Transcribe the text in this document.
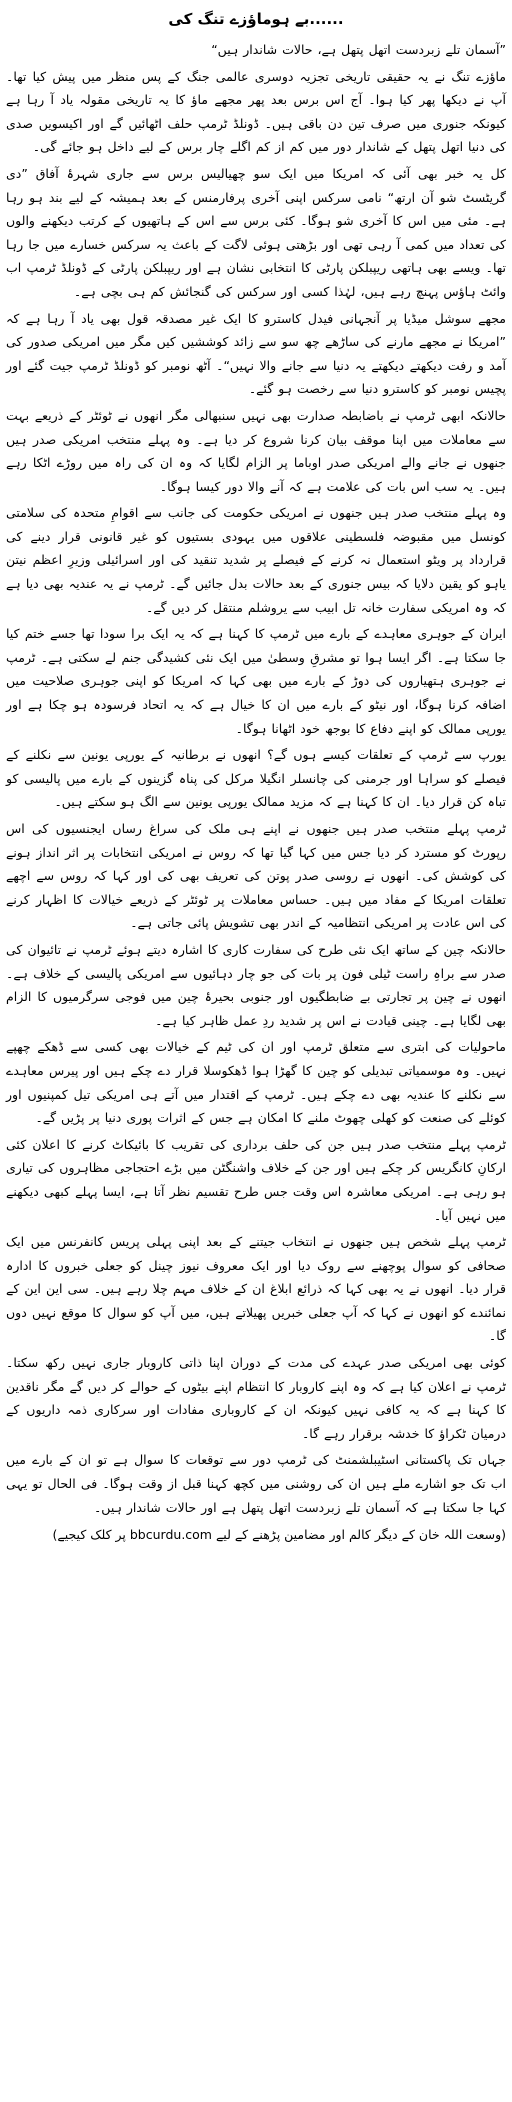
بے ہوماؤزے تنگ کی......

”آسمان تلے زبردست اتھل پتھل ہے، حالات شاندار ہیں“

ماؤزے تنگ نے یہ حقیقی تاریخی تجزیہ دوسری عالمی جنگ کے پس منظر میں پیش کیا تھا۔ آپ نے دیکھا پھر کیا ہوا۔ آج اس برس بعد پھر مجھے ماؤ کا یہ تاریخی مقولہ یاد آ رہا ہے کیونکہ جنوری میں صرف تین دن باقی ہیں۔ ڈونلڈ ٹرمپ حلف اٹھائیں گے اور اکیسویں صدی کی دنیا اتھل پتھل کے شاندار دور میں کم از کم اگلے چار برس کے لیے داخل ہو جائے گی۔

کل یہ خبر بھی آئی کہ امریکا میں ایک سو چھیالیس برس سے جاری شہرۂ آفاق ”دی گریٹسٹ شو آن ارتھ“ نامی سرکس اپنی آخری پرفارمنس کے بعد ہمیشہ کے لیے بند ہو رہا ہے۔ مئی میں اس کا آخری شو ہوگا۔ کئی برس سے اس کے ہاتھیوں کے کرتب دیکھنے والوں کی تعداد میں کمی آ رہی تھی اور بڑھتی ہوئی لاگت کے باعث یہ سرکس خسارے میں جا رہا تھا۔ ویسے بھی ہاتھی ریپبلکن پارٹی کا انتخابی نشان ہے اور ریپبلکن پارٹی کے ڈونلڈ ٹرمپ اب وائٹ ہاؤس پہنچ رہے ہیں، لہٰذا کسی اور سرکس کی گنجائش کم ہی بچی ہے۔

مجھے سوشل میڈیا پر آنجہانی فیدل کاسترو کا ایک غیر مصدقہ قول بھی یاد آ رہا ہے کہ ”امریکا نے مجھے مارنے کی ساڑھے چھ سو سے زائد کوششیں کیں مگر میں امریکی صدور کی آمد و رفت دیکھتے دیکھتے یہ دنیا سے جانے والا نہیں“۔ آٹھ نومبر کو ڈونلڈ ٹرمپ جیت گئے اور پچیس نومبر کو کاسترو دنیا سے رخصت ہو گئے۔

حالانکہ ابھی ٹرمپ نے باضابطہ صدارت بھی نہیں سنبھالی مگر انھوں نے ٹوئٹر کے ذریعے بہت سے معاملات میں اپنا موقف بیان کرنا شروع کر دیا ہے۔ وہ پہلے منتخب امریکی صدر ہیں جنھوں نے جانے والے امریکی صدر اوباما پر الزام لگایا کہ وہ ان کی راہ میں روڑے اٹکا رہے ہیں۔ یہ سب اس بات کی علامت ہے کہ آنے والا دور کیسا ہوگا۔

وہ پہلے منتخب صدر ہیں جنھوں نے امریکی حکومت کی جانب سے اقوامِ متحدہ کی سلامتی کونسل میں مقبوضہ فلسطینی علاقوں میں یہودی بستیوں کو غیر قانونی قرار دینے کی قرارداد پر ویٹو استعمال نہ کرنے کے فیصلے پر شدید تنقید کی اور اسرائیلی وزیرِ اعظم نیتن یاہو کو یقین دلایا کہ بیس جنوری کے بعد حالات بدل جائیں گے۔ ٹرمپ نے یہ عندیہ بھی دیا ہے کہ وہ امریکی سفارت خانہ تل ابیب سے یروشلم منتقل کر دیں گے۔

ایران کے جوہری معاہدے کے بارے میں ٹرمپ کا کہنا ہے کہ یہ ایک برا سودا تھا جسے ختم کیا جا سکتا ہے۔ اگر ایسا ہوا تو مشرقِ وسطیٰ میں ایک نئی کشیدگی جنم لے سکتی ہے۔ ٹرمپ نے جوہری ہتھیاروں کی دوڑ کے بارے میں بھی کہا کہ امریکا کو اپنی جوہری صلاحیت میں اضافہ کرنا ہوگا، اور نیٹو کے بارے میں ان کا خیال ہے کہ یہ اتحاد فرسودہ ہو چکا ہے اور یورپی ممالک کو اپنے دفاع کا بوجھ خود اٹھانا ہوگا۔

یورپ سے ٹرمپ کے تعلقات کیسے ہوں گے؟ انھوں نے برطانیہ کے یورپی یونین سے نکلنے کے فیصلے کو سراہا اور جرمنی کی چانسلر انگیلا مرکل کی پناہ گزینوں کے بارے میں پالیسی کو تباہ کن قرار دیا۔ ان کا کہنا ہے کہ مزید ممالک یورپی یونین سے الگ ہو سکتے ہیں۔

ٹرمپ پہلے منتخب صدر ہیں جنھوں نے اپنے ہی ملک کی سراغ رساں ایجنسیوں کی اس رپورٹ کو مسترد کر دیا جس میں کہا گیا تھا کہ روس نے امریکی انتخابات پر اثر انداز ہونے کی کوشش کی۔ انھوں نے روسی صدر پوتن کی تعریف بھی کی اور کہا کہ روس سے اچھے تعلقات امریکا کے مفاد میں ہیں۔ حساس معاملات پر ٹوئٹر کے ذریعے خیالات کا اظہار کرنے کی اس عادت پر امریکی انتظامیہ کے اندر بھی تشویش پائی جاتی ہے۔

حالانکہ چین کے ساتھ ایک نئی طرح کی سفارت کاری کا اشارہ دیتے ہوئے ٹرمپ نے تائیوان کی صدر سے براہِ راست ٹیلی فون پر بات کی جو چار دہائیوں سے امریکی پالیسی کے خلاف ہے۔ انھوں نے چین پر تجارتی بے ضابطگیوں اور جنوبی بحیرۂ چین میں فوجی سرگرمیوں کا الزام بھی لگایا ہے۔ چینی قیادت نے اس پر شدید ردِ عمل ظاہر کیا ہے۔

ماحولیات کی ابتری سے متعلق ٹرمپ اور ان کی ٹیم کے خیالات بھی کسی سے ڈھکے چھپے نہیں۔ وہ موسمیاتی تبدیلی کو چین کا گھڑا ہوا ڈھکوسلا قرار دے چکے ہیں اور پیرس معاہدے سے نکلنے کا عندیہ بھی دے چکے ہیں۔ ٹرمپ کے اقتدار میں آتے ہی امریکی تیل کمپنیوں اور کوئلے کی صنعت کو کھلی چھوٹ ملنے کا امکان ہے جس کے اثرات پوری دنیا پر پڑیں گے۔

ٹرمپ پہلے منتخب صدر ہیں جن کی حلف برداری کی تقریب کا بائیکاٹ کرنے کا اعلان کئی ارکانِ کانگریس کر چکے ہیں اور جن کے خلاف واشنگٹن میں بڑے احتجاجی مظاہروں کی تیاری ہو رہی ہے۔ امریکی معاشرہ اس وقت جس طرح تقسیم نظر آتا ہے، ایسا پہلے کبھی دیکھنے میں نہیں آیا۔

ٹرمپ پہلے شخص ہیں جنھوں نے انتخاب جیتنے کے بعد اپنی پہلی پریس کانفرنس میں ایک صحافی کو سوال پوچھنے سے روک دیا اور ایک معروف نیوز چینل کو جعلی خبروں کا ادارہ قرار دیا۔ انھوں نے یہ بھی کہا کہ ذرائع ابلاغ ان کے خلاف مہم چلا رہے ہیں۔ سی این این کے نمائندے کو انھوں نے کہا کہ آپ جعلی خبریں پھیلاتے ہیں، میں آپ کو سوال کا موقع نہیں دوں گا۔

کوئی بھی امریکی صدر عہدے کی مدت کے دوران اپنا ذاتی کاروبار جاری نہیں رکھ سکتا۔ ٹرمپ نے اعلان کیا ہے کہ وہ اپنے کاروبار کا انتظام اپنے بیٹوں کے حوالے کر دیں گے مگر ناقدین کا کہنا ہے کہ یہ کافی نہیں کیونکہ ان کے کاروباری مفادات اور سرکاری ذمہ داریوں کے درمیان ٹکراؤ کا خدشہ برقرار رہے گا۔

جہاں تک پاکستانی اسٹیبلشمنٹ کی ٹرمپ دور سے توقعات کا سوال ہے تو ان کے بارے میں اب تک جو اشارے ملے ہیں ان کی روشنی میں کچھ کہنا قبل از وقت ہوگا۔ فی الحال تو یہی کہا جا سکتا ہے کہ آسمان تلے زبردست اتھل پتھل ہے اور حالات شاندار ہیں۔

(وسعت اللہ خان کے دیگر کالم اور مضامین پڑھنے کے لیے bbcurdu.com پر کلک کیجیے)
